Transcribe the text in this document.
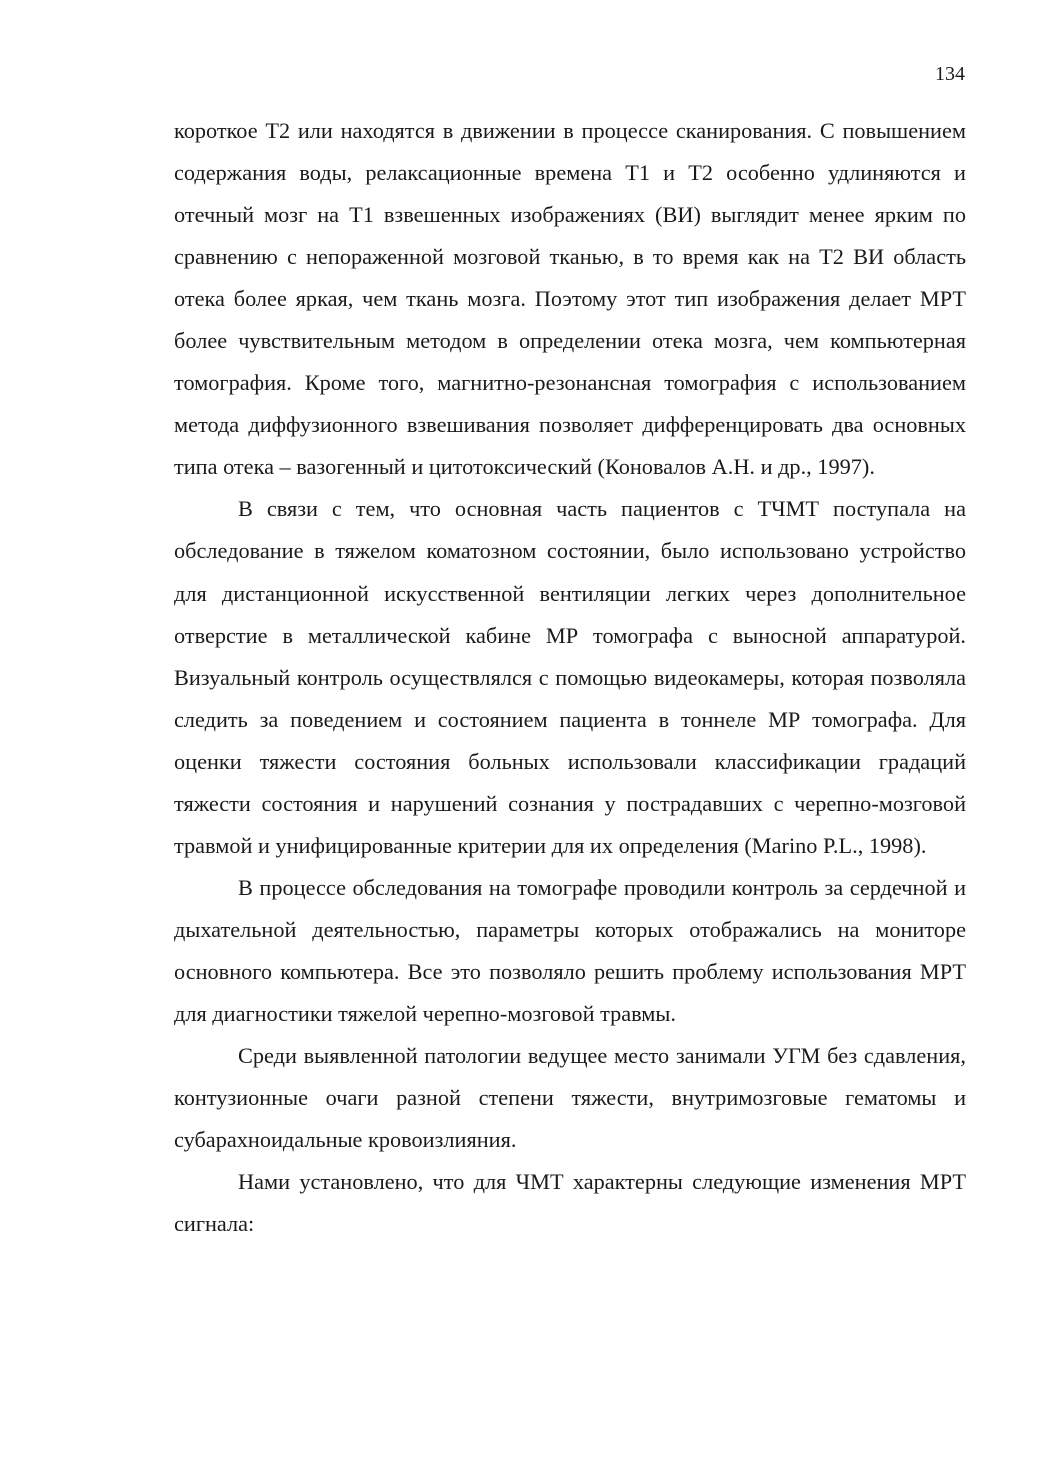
134

короткое Т2 или находятся в движении в процессе сканирования. С повышением содержания воды, релаксационные времена Т1 и Т2 особенно удлиняются и отечный мозг на Т1 взвешенных изображениях (ВИ) выглядит менее ярким по сравнению с непораженной мозговой тканью, в то время как на Т2 ВИ область отека более яркая, чем ткань мозга. Поэтому этот тип изображения делает МРТ более чувствительным методом в определении отека мозга, чем компьютерная томография. Кроме того, магнитно-резонансная томография с использованием метода диффузионного взвешивания позволяет дифференцировать два основных типа отека – вазогенный и цитотоксический (Коновалов А.Н. и др., 1997).

В связи с тем, что основная часть пациентов с ТЧМТ поступала на обследование в тяжелом коматозном состоянии, было использовано устройство для дистанционной искусственной вентиляции легких через дополнительное отверстие в металлической кабине МР томографа с выносной аппаратурой. Визуальный контроль осуществлялся с помощью видеокамеры, которая позволяла следить за поведением и состоянием пациента в тоннеле МР томографа. Для оценки тяжести состояния больных использовали классификации градаций тяжести состояния и нарушений сознания у пострадавших с черепно-мозговой травмой и унифицированные критерии для их определения (Marino P.L., 1998).

В процессе обследования на томографе проводили контроль за сердечной и дыхательной деятельностью, параметры которых отображались на мониторе основного компьютера. Все это позволяло решить проблему использования МРТ для диагностики тяжелой черепно-мозговой травмы.

Среди выявленной патологии ведущее место занимали УГМ без сдавления, контузионные очаги разной степени тяжести, внутримозговые гематомы и субарахноидальные кровоизлияния.

Нами установлено, что для ЧМТ характерны следующие изменения МРТ сигнала:
